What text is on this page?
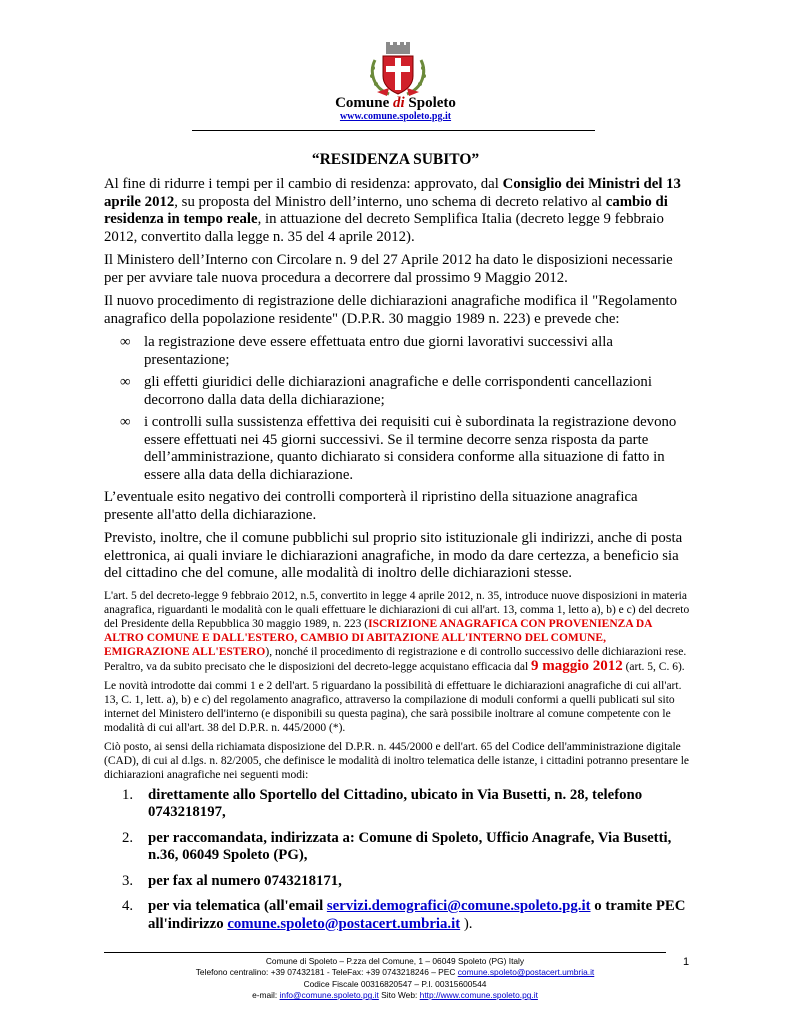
Comune di Spoleto
www.comune.spoleto.pg.it
“RESIDENZA SUBITO”

Al fine di ridurre i tempi per il cambio di residenza: approvato, dal Consiglio dei Ministri del 13 aprile 2012, su proposta del Ministro dell’interno, uno schema di decreto relativo al cambio di residenza in tempo reale, in attuazione del decreto Semplifica Italia (decreto legge 9 febbraio 2012, convertito dalla legge n. 35 del 4 aprile 2012).

Il Ministero dell’Interno con Circolare n. 9 del 27 Aprile 2012 ha dato le disposizioni necessarie per per avviare tale nuova procedura a decorrere dal prossimo 9 Maggio 2012.

Il nuovo procedimento di registrazione delle dichiarazioni anagrafiche modifica il "Regolamento anagrafico della popolazione residente" (D.P.R. 30 maggio 1989 n. 223) e prevede che:

∞ la registrazione deve essere effettuata entro due giorni lavorativi successivi alla presentazione;
∞ gli effetti giuridici delle dichiarazioni anagrafiche e delle corrispondenti cancellazioni decorrono dalla data della dichiarazione;
∞ i controlli sulla sussistenza effettiva dei requisiti cui è subordinata la registrazione devono essere effettuati nei 45 giorni successivi. Se il termine decorre senza risposta da parte dell’amministrazione, quanto dichiarato si considera conforme alla situazione di fatto in essere alla data della dichiarazione.

L’eventuale esito negativo dei controlli comporterà il ripristino della situazione anagrafica presente all'atto della dichiarazione.

Previsto, inoltre, che il comune pubblichi sul proprio sito istituzionale gli indirizzi, anche di posta elettronica, ai quali inviare le dichiarazioni anagrafiche, in modo da dare certezza, a beneficio sia del cittadino che del comune, alle modalità di inoltro delle dichiarazioni stesse.

L'art. 5 del decreto-legge 9 febbraio 2012, n.5, convertito in legge 4 aprile 2012, n. 35, introduce nuove disposizioni in materia anagrafica, riguardanti le modalità con le quali effettuare le dichiarazioni di cui all'art. 13, comma 1, letto a), b) e c) del decreto del Presidente della Repubblica 30 maggio 1989, n. 223 (ISCRIZIONE ANAGRAFICA CON PROVENIENZA DA ALTRO COMUNE E DALL'ESTERO, CAMBIO DI ABITAZIONE ALL'INTERNO DEL COMUNE, EMIGRAZIONE ALL'ESTERO), nonché il procedimento di registrazione e di controllo successivo delle dichiarazioni rese. Peraltro, va da subito precisato che le disposizioni del decreto-legge acquistano efficacia dal 9 maggio 2012 (art. 5, C. 6).

Le novità introdotte dai commi 1 e 2 dell'art. 5 riguardano la possibilità di effettuare le dichiarazioni anagrafiche di cui all'art. 13, C. 1, lett. a), b) e c) del regolamento anagrafico, attraverso la compilazione di moduli conformi a quelli publicati sul sito internet del Ministero dell'interno (e disponibili su questa pagina), che sarà possibile inoltrare al comune competente con le modalità di cui all'art. 38 del D.P.R. n. 445/2000 (*).

Ciò posto, ai sensi della richiamata disposizione del D.P.R. n. 445/2000 e dell'art. 65 del Codice dell'amministrazione digitale (CAD), di cui al d.lgs. n. 82/2005, che definisce le modalità di inoltro telematica delle istanze, i cittadini potranno presentare le dichiarazioni anagrafiche nei seguenti modi:

1. direttamente allo Sportello del Cittadino, ubicato in Via Busetti, n. 28, telefono 0743218197,
2. per raccomandata, indirizzata a: Comune di Spoleto, Ufficio Anagrafe, Via Busetti, n.36, 06049 Spoleto (PG),
3. per fax al numero 0743218171,
4. per via telematica (all'email servizi.demografici@comune.spoleto.pg.it o tramite PEC all'indirizzo comune.spoleto@postacert.umbria.it ).
1
Comune di Spoleto – P.zza del Comune, 1 – 06049 Spoleto (PG) Italy
Telefono centralino: +39 07432181 - TeleFax: +39 0743218246 – PEC comune.spoleto@postacert.umbria.it
Codice Fiscale 00316820547 – P.I. 00315600544
e-mail: info@comune.spoleto.pg.it Sito Web: http://www.comune.spoleto.pg.it
